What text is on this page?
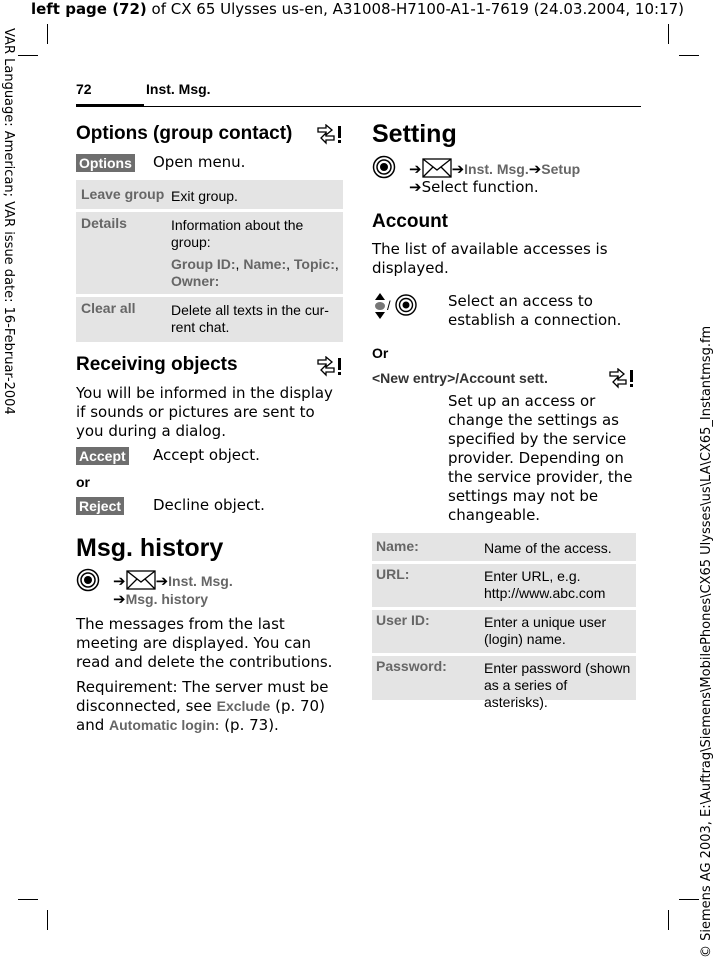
left page (72) of CX 65 Ulysses us-en, A31008-H7100-A1-1-7619 (24.03.2004, 10:17)
VAR Language: American; VAR issue date: 16-Februar-2004
© Siemens AG 2003, E:\Auftrag\Siemens\MobilePhones\CX65 Ulysses\us\LA\CX65_Instantmsg.fm
72	Inst. Msg.
Options (group contact)
Options Open menu.
Leave group Exit group.
Details	Information about the group:
Group ID:, Name:, Topic:, Owner:
Clear all	Delete all texts in the cur-rent chat.
Receiving objects
You will be informed in the display if sounds or pictures are sent to you during a dialog.
Accept Accept object.
or
Reject Decline object.
Msg. history
➔ ➔Inst. Msg.
➔Msg. history
The messages from the last meeting are displayed. You can read and delete the contributions.
Requirement: The server must be disconnected, see Exclude (p. 70) and Automatic login: (p. 73).
Setting
➔ ➔Inst. Msg.➔Setup
➔Select function.
Account
The list of available accesses is displayed.
/	Select an access to establish a connection.
Or
<New entry>/Account sett.
Set up an access or change the settings as specified by the service provider. Depending on the service provider, the settings may not be changeable.
Name:	Name of the access.
URL:	Enter URL, e.g. http://www.abc.com
User ID:	Enter a unique user (login) name.
Password:	Enter password (shown as a series of asterisks).
